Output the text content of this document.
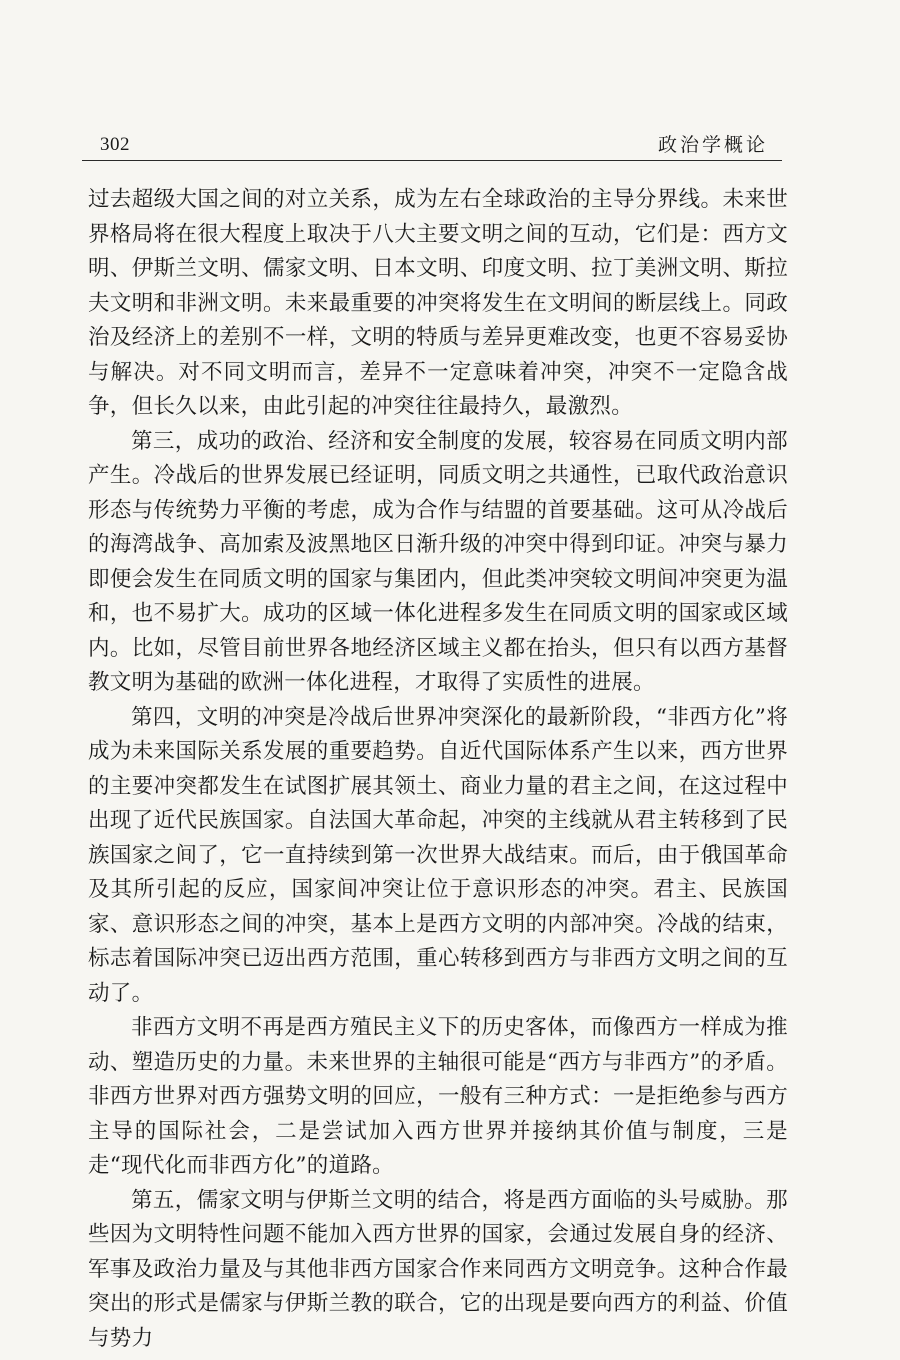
302	政治学概论

过去超级大国之间的对立关系，成为左右全球政治的主导分界线。未来世界格局将在很大程度上取决于八大主要文明之间的互动，它们是：西方文明、伊斯兰文明、儒家文明、日本文明、印度文明、拉丁美洲文明、斯拉夫文明和非洲文明。未来最重要的冲突将发生在文明间的断层线上。同政治及经济上的差别不一样，文明的特质与差异更难改变，也更不容易妥协与解决。对不同文明而言，差异不一定意味着冲突，冲突不一定隐含战争，但长久以来，由此引起的冲突往往最持久，最激烈。

第三，成功的政治、经济和安全制度的发展，较容易在同质文明内部产生。冷战后的世界发展已经证明，同质文明之共通性，已取代政治意识形态与传统势力平衡的考虑，成为合作与结盟的首要基础。这可从冷战后的海湾战争、高加索及波黑地区日渐升级的冲突中得到印证。冲突与暴力即便会发生在同质文明的国家与集团内，但此类冲突较文明间冲突更为温和，也不易扩大。成功的区域一体化进程多发生在同质文明的国家或区域内。比如，尽管目前世界各地经济区域主义都在抬头，但只有以西方基督教文明为基础的欧洲一体化进程，才取得了实质性的进展。

第四，文明的冲突是冷战后世界冲突深化的最新阶段，“非西方化”将成为未来国际关系发展的重要趋势。自近代国际体系产生以来，西方世界的主要冲突都发生在试图扩展其领土、商业力量的君主之间，在这过程中出现了近代民族国家。自法国大革命起，冲突的主线就从君主转移到了民族国家之间了，它一直持续到第一次世界大战结束。而后，由于俄国革命及其所引起的反应，国家间冲突让位于意识形态的冲突。君主、民族国家、意识形态之间的冲突，基本上是西方文明的内部冲突。冷战的结束，标志着国际冲突已迈出西方范围，重心转移到西方与非西方文明之间的互动了。

非西方文明不再是西方殖民主义下的历史客体，而像西方一样成为推动、塑造历史的力量。未来世界的主轴很可能是“西方与非西方”的矛盾。非西方世界对西方强势文明的回应，一般有三种方式：一是拒绝参与西方主导的国际社会，二是尝试加入西方世界并接纳其价值与制度，三是走“现代化而非西方化”的道路。

第五，儒家文明与伊斯兰文明的结合，将是西方面临的头号威胁。那些因为文明特性问题不能加入西方世界的国家，会通过发展自身的经济、军事及政治力量及与其他非西方国家合作来同西方文明竞争。这种合作最突出的形式是儒家与伊斯兰教的联合，它的出现是要向西方的利益、价值与势力
